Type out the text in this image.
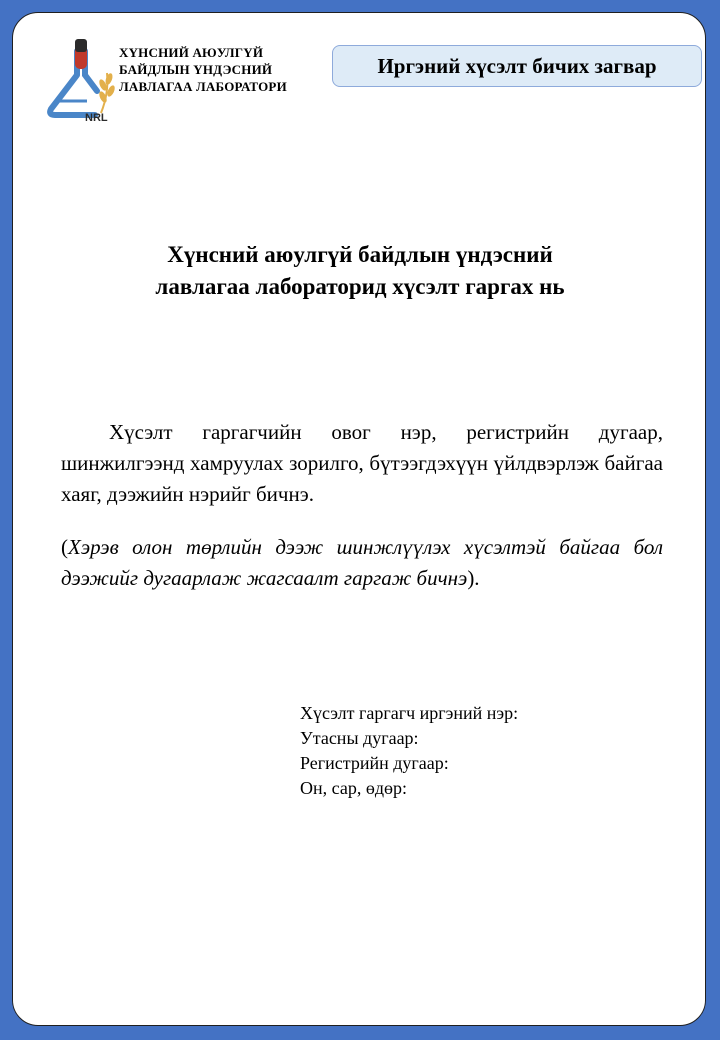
NRL
ХҮНСНИЙ АЮУЛГҮЙ
БАЙДЛЫН ҮНДЭСНИЙ
ЛАВЛАГАА ЛАБОРАТОРИ
Иргэний хүсэлт бичих загвар
Хүнсний аюулгүй байдлын үндэсний
лавлагаа лабораторид хүсэлт гаргах нь

Хүсэлт гаргагчийн овог нэр, регистрийн дугаар, шинжилгээнд хамруулах зорилго, бүтээгдэхүүн үйлдвэрлэж байгаа хаяг, дээжийн нэрийг бичнэ.

(Хэрэв олон төрлийн дээж шинжлүүлэх хүсэлтэй байгаа бол дээжийг дугаарлаж жагсаалт гаргаж бичнэ).

Хүсэлт гаргагч иргэний нэр:
Утасны дугаар:
Регистрийн дугаар:
Он, сар, өдөр:
